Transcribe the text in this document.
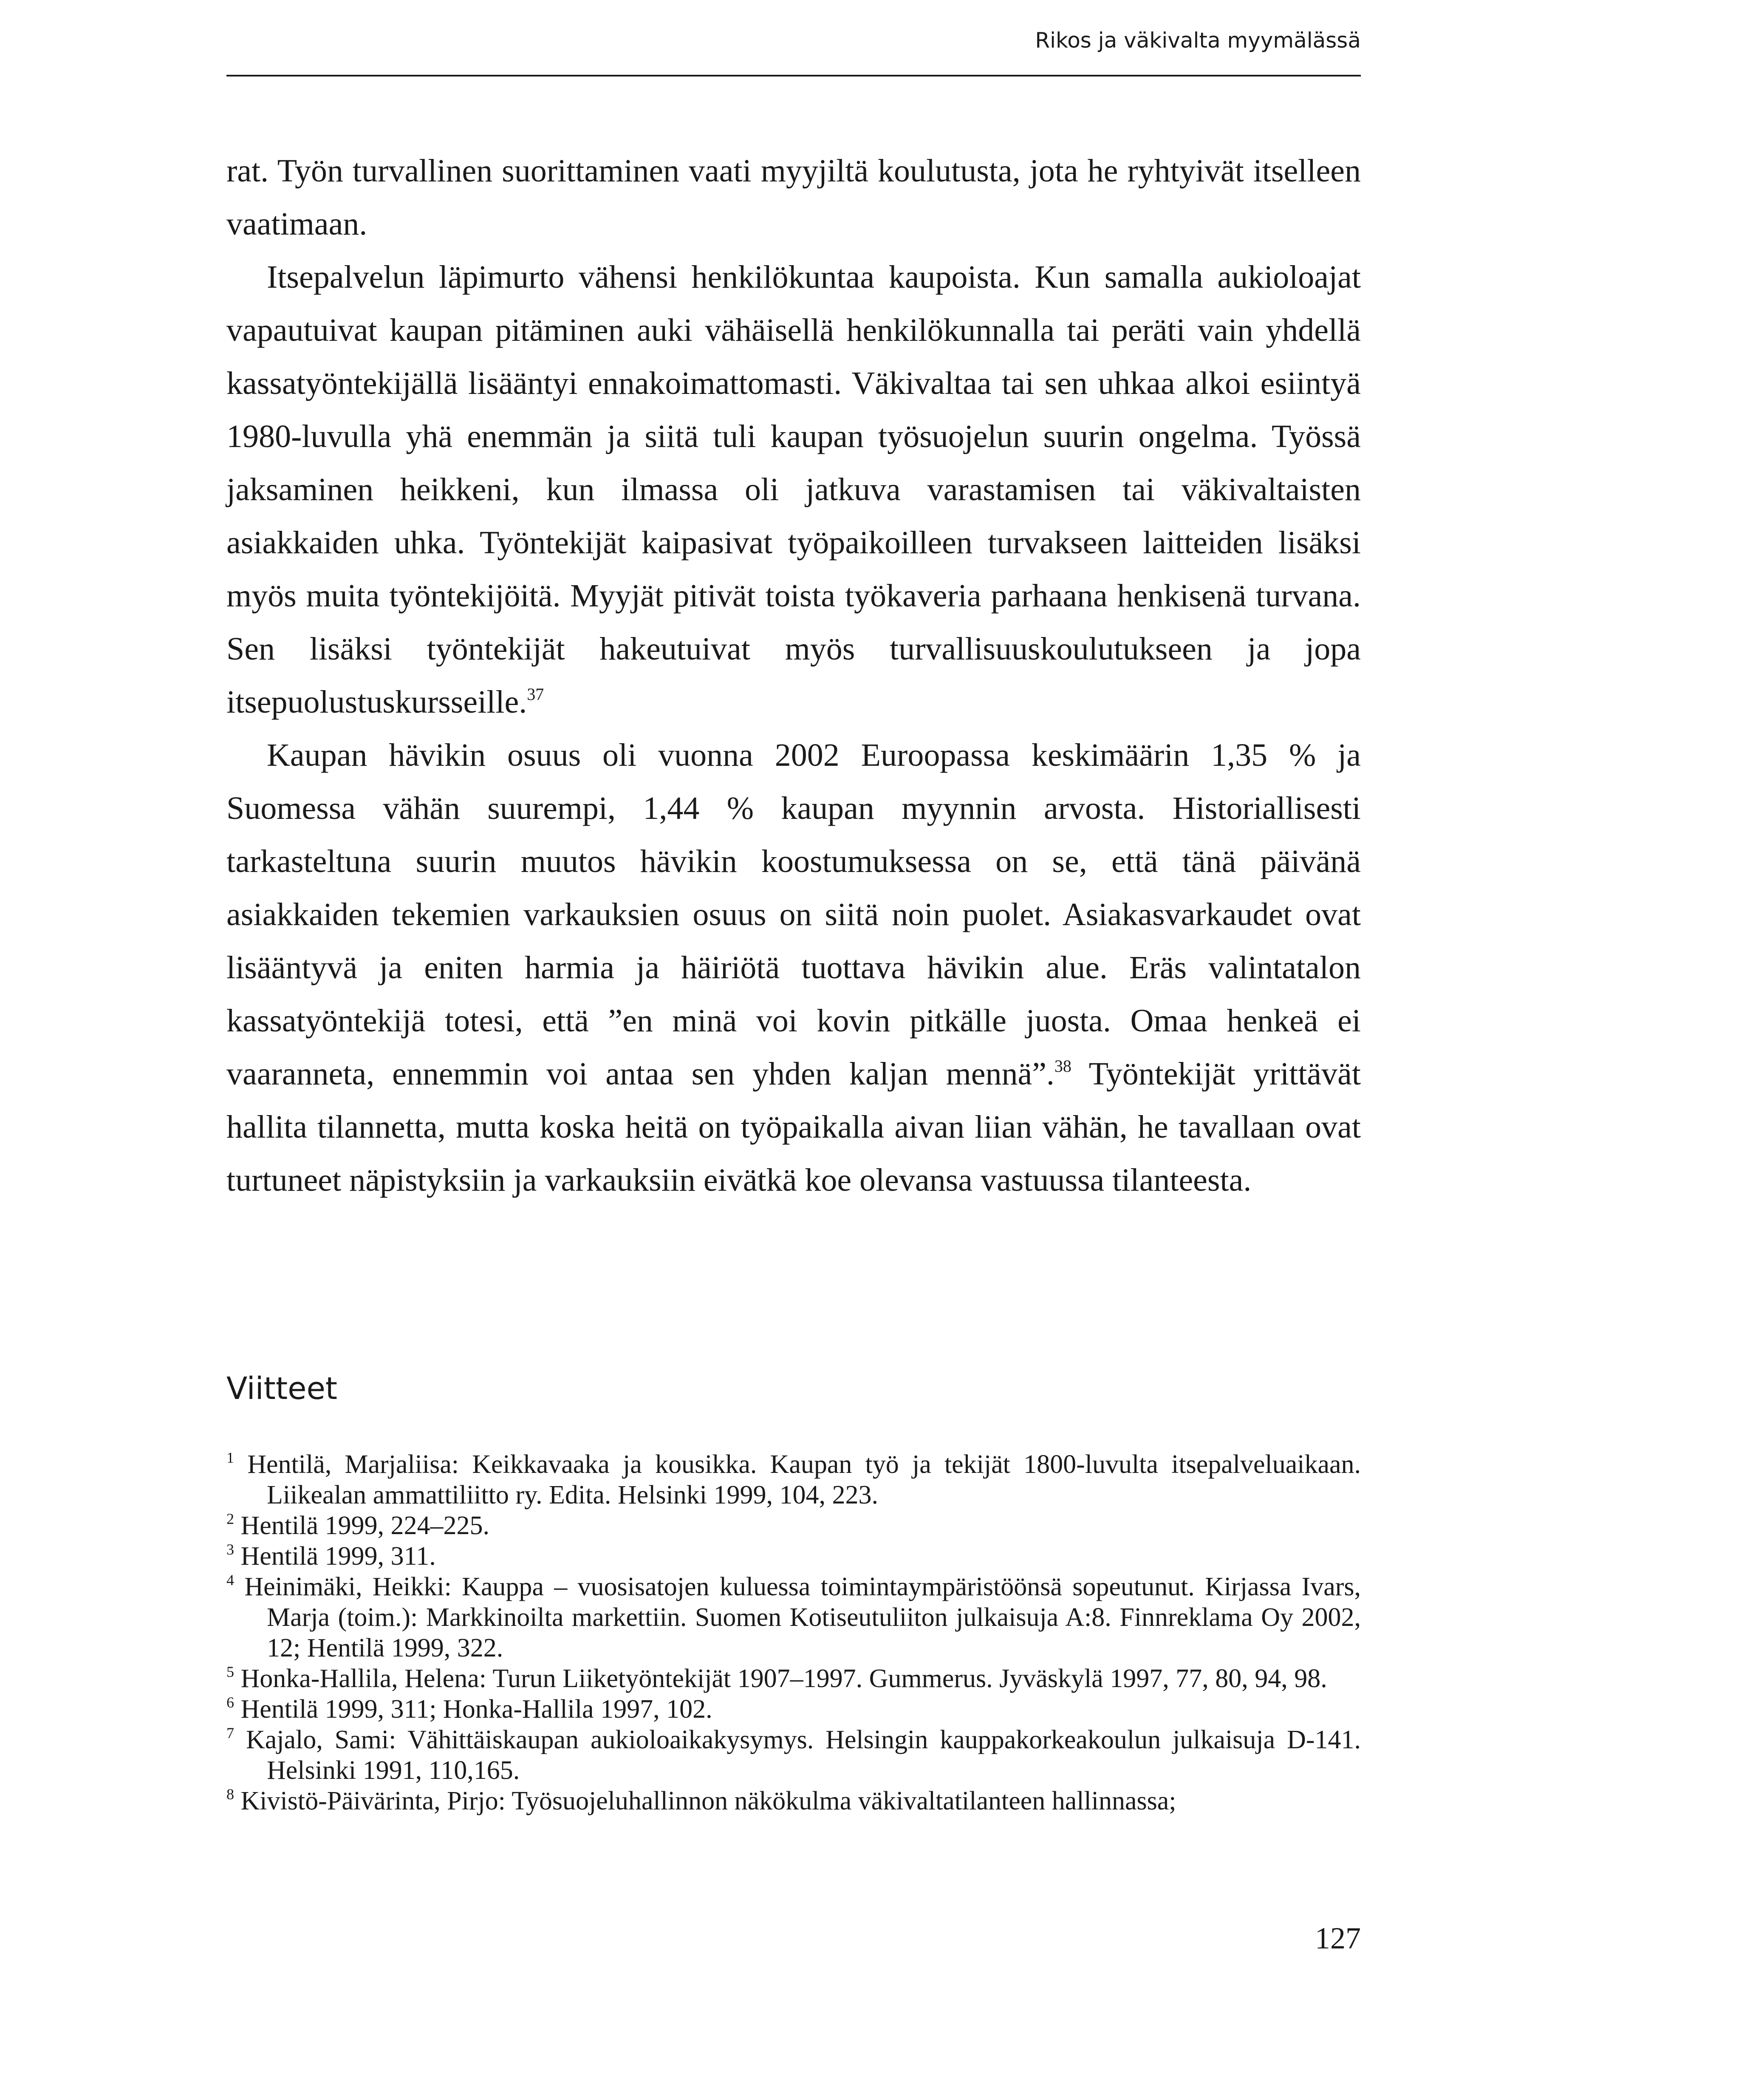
Rikos ja väkivalta myymälässä

rat. Työn turvallinen suorittaminen vaati myyjiltä koulutusta, jota he ryhtyivät itselleen vaatimaan.

Itsepalvelun läpimurto vähensi henkilökuntaa kaupoista. Kun samalla aukioloajat vapautuivat kaupan pitäminen auki vähäisellä henkilökunnalla tai peräti vain yhdellä kassatyöntekijällä lisääntyi ennakoimattomasti. Väkivaltaa tai sen uhkaa alkoi esiintyä 1980-luvulla yhä enemmän ja siitä tuli kaupan työsuojelun suurin ongelma. Työssä jaksaminen heikkeni, kun ilmassa oli jatkuva varastamisen tai väkivaltaisten asiakkaiden uhka. Työntekijät kaipasivat työpaikoilleen turvakseen laitteiden lisäksi myös muita työntekijöitä. Myyjät pitivät toista työkaveria parhaana henkisenä turvana. Sen lisäksi työntekijät hakeutuivat myös turvallisuuskoulutukseen ja jopa itsepuolustuskursseille.$^{37}$

Kaupan hävikin osuus oli vuonna 2002 Euroopassa keskimäärin 1,35 % ja Suomessa vähän suurempi, 1,44 % kaupan myynnin arvosta. Historiallisesti tarkasteltuna suurin muutos hävikin koostumuksessa on se, että tänä päivänä asiakkaiden tekemien varkauksien osuus on siitä noin puolet. Asiakasvarkaudet ovat lisääntyvä ja eniten harmia ja häiriötä tuottava hävikin alue. Eräs valintatalon kassatyöntekijä totesi, että ”en minä voi kovin pitkälle juosta. Omaa henkeä ei vaaranneta, ennemmin voi antaa sen yhden kaljan mennä”.$^{38}$ Työntekijät yrittävät hallita tilannetta, mutta koska heitä on työpaikalla aivan liian vähän, he tavallaan ovat turtuneet näpistyksiin ja varkauksiin eivätkä koe olevansa vastuussa tilanteesta.

Viitteet
$^1$ Hentilä, Marjaliisa: Keikkavaaka ja kousikka. Kaupan työ ja tekijät 1800-luvulta itsepalveluaikaan. Liikealan ammattiliitto ry. Edita. Helsinki 1999, 104, 223.
$^2$ Hentilä 1999, 224–225.
$^3$ Hentilä 1999, 311.
$^4$ Heinimäki, Heikki: Kauppa – vuosisatojen kuluessa toimintaympäristöönsä sopeutunut. Kirjassa Ivars, Marja (toim.): Markkinoilta markettiin. Suomen Kotiseutuliiton julkaisuja A:8. Finnreklama Oy 2002, 12; Hentilä 1999, 322.
$^5$ Honka-Hallila, Helena: Turun Liiketyöntekijät 1907–1997. Gummerus. Jyväskylä 1997, 77, 80, 94, 98.
$^6$ Hentilä 1999, 311; Honka-Hallila 1997, 102.
$^7$ Kajalo, Sami: Vähittäiskaupan aukioloaikakysymys. Helsingin kauppakorkeakoulun julkaisuja D-141. Helsinki 1991, 110,165.
$^8$ Kivistö-Päivärinta, Pirjo: Työsuojeluhallinnon näkökulma väkivaltatilanteen hallinnassa;
127
